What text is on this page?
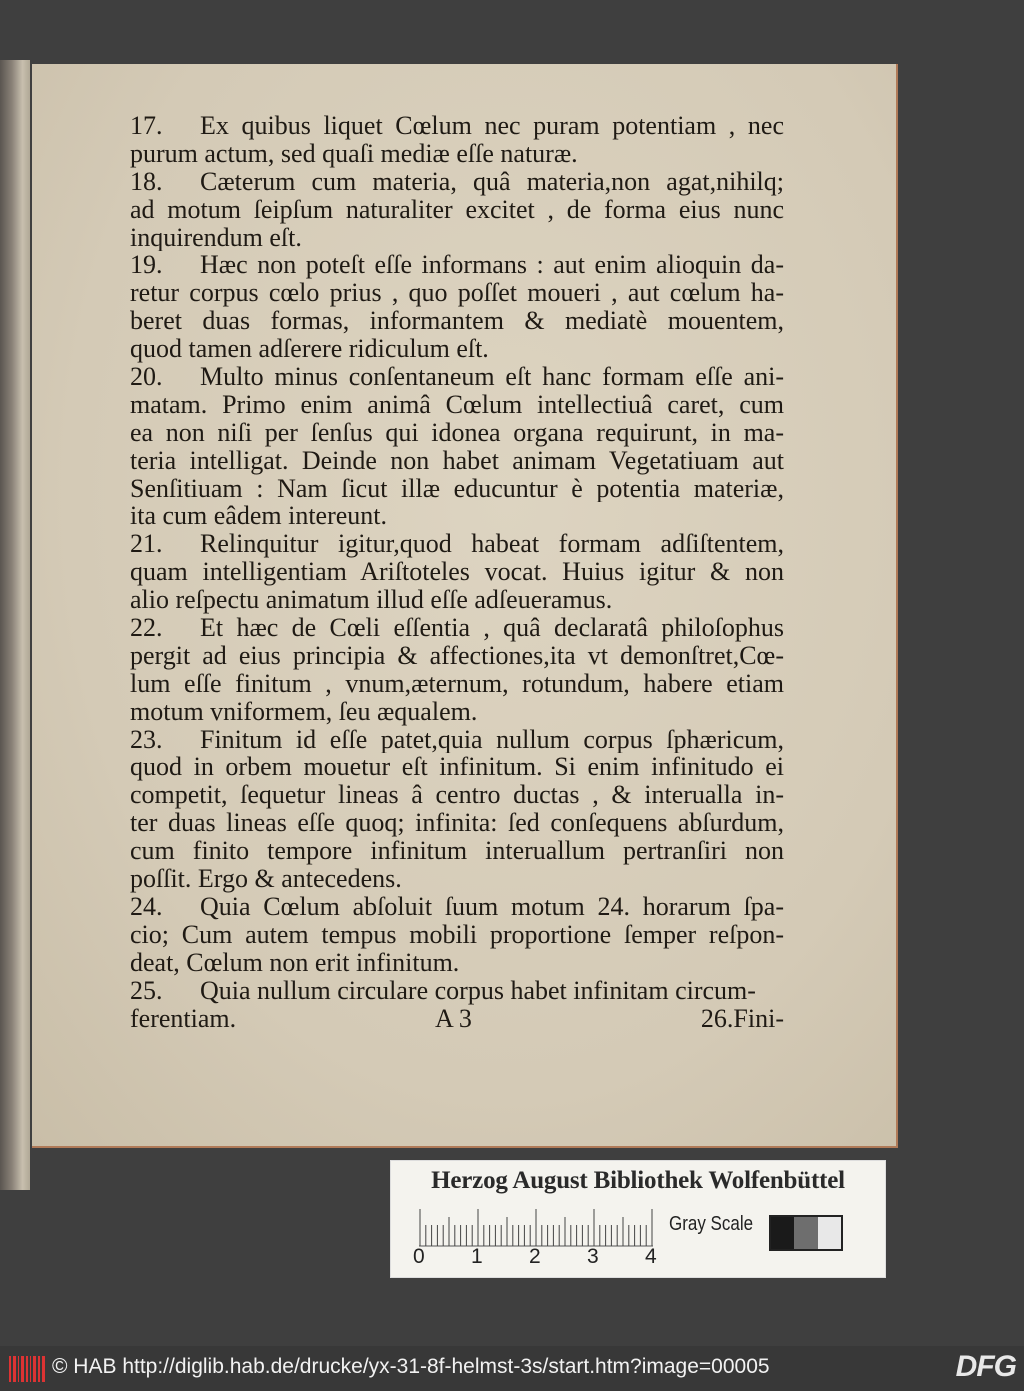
17. Ex quibus liquet Cœlum nec puram potentiam , nec
purum actum, sed quaſi mediæ eſſe naturæ.
18. Cæterum cum materia, quâ materia,non agat,nihilq;
ad motum ſeipſum naturaliter excitet , de forma eius nunc
inquirendum eſt.
19. Hæc non poteſt eſſe informans : aut enim alioquin da-
retur corpus cœlo prius , quo poſſet moueri , aut cœlum ha-
beret duas formas, informantem & mediatè mouentem,
quod tamen adſerere ridiculum eſt.
20. Multo minus conſentaneum eſt hanc formam eſſe ani-
matam. Primo enim animâ Cœlum intellectiuâ caret, cum
ea non niſi per ſenſus qui idonea organa requirunt, in ma-
teria intelligat. Deinde non habet animam Vegetatiuam aut
Senſitiuam : Nam ſicut illæ educuntur è potentia materiæ,
ita cum eâdem intereunt.
21. Relinquitur igitur,quod habeat formam adſiſtentem,
quam intelligentiam Ariſtoteles vocat. Huius igitur & non
alio reſpectu animatum illud eſſe adſeueramus.
22. Et hæc de Cœli eſſentia , quâ declaratâ philoſophus
pergit ad eius principia & affectiones,ita vt demonſtret,Cœ-
lum eſſe finitum , vnum,æternum, rotundum, habere etiam
motum vniformem, ſeu æqualem.
23. Finitum id eſſe patet,quia nullum corpus ſphæricum,
quod in orbem mouetur eſt infinitum. Si enim infinitudo ei
competit, ſequetur lineas â centro ductas , & interualla in-
ter duas lineas eſſe quoq; infinita: ſed conſequens abſurdum,
cum finito tempore infinitum interuallum pertranſiri non
poſſit. Ergo & antecedens.
24. Quia Cœlum abſoluit ſuum motum 24. horarum ſpa-
cio; Cum autem tempus mobili proportione ſemper reſpon-
deat, Cœlum non erit infinitum.
25. Quia nullum circulare corpus habet infinitam circum-
ferentiam.	A 3	26.Fini-
Herzog August Bibliothek Wolfenbüttel
0 1 2 3 4
Gray Scale
© HAB http://diglib.hab.de/drucke/yx-31-8f-helmst-3s/start.htm?image=00005	DFG
